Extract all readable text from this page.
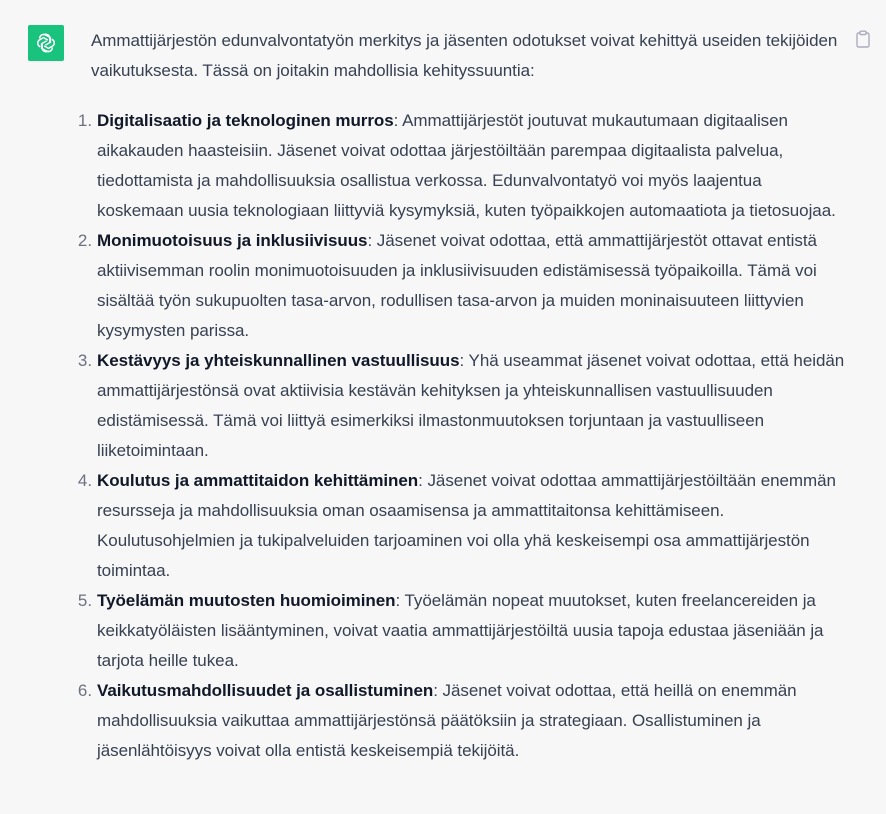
Ammattijärjestön edunvalvontatyön merkitys ja jäsenten odotukset voivat kehittyä useiden tekijöiden vaikutuksesta. Tässä on joitakin mahdollisia kehityssuuntia:

1. Digitalisaatio ja teknologinen murros: Ammattijärjestöt joutuvat mukautumaan digitaalisen aikakauden haasteisiin. Jäsenet voivat odottaa järjestöiltään parempaa digitaalista palvelua, tiedottamista ja mahdollisuuksia osallistua verkossa. Edunvalvontatyö voi myös laajentua koskemaan uusia teknologiaan liittyviä kysymyksiä, kuten työpaikkojen automaatiota ja tietosuojaa.
2. Monimuotoisuus ja inklusiivisuus: Jäsenet voivat odottaa, että ammattijärjestöt ottavat entistä aktiivisemman roolin monimuotoisuuden ja inklusiivisuuden edistämisessä työpaikoilla. Tämä voi sisältää työn sukupuolten tasa-arvon, rodullisen tasa-arvon ja muiden moninaisuuteen liittyvien kysymysten parissa.
3. Kestävyys ja yhteiskunnallinen vastuullisuus: Yhä useammat jäsenet voivat odottaa, että heidän ammattijärjestönsä ovat aktiivisia kestävän kehityksen ja yhteiskunnallisen vastuullisuuden edistämisessä. Tämä voi liittyä esimerkiksi ilmastonmuutoksen torjuntaan ja vastuulliseen liiketoimintaan.
4. Koulutus ja ammattitaidon kehittäminen: Jäsenet voivat odottaa ammattijärjestöiltään enemmän resursseja ja mahdollisuuksia oman osaamisensa ja ammattitaitonsa kehittämiseen. Koulutusohjelmien ja tukipalveluiden tarjoaminen voi olla yhä keskeisempi osa ammattijärjestön toimintaa.
5. Työelämän muutosten huomioiminen: Työelämän nopeat muutokset, kuten freelancereiden ja keikkatyöläisten lisääntyminen, voivat vaatia ammattijärjestöiltä uusia tapoja edustaa jäseniään ja tarjota heille tukea.
6. Vaikutusmahdollisuudet ja osallistuminen: Jäsenet voivat odottaa, että heillä on enemmän mahdollisuuksia vaikuttaa ammattijärjestönsä päätöksiin ja strategiaan. Osallistuminen ja jäsenlähtöisyys voivat olla entistä keskeisempiä tekijöitä.
